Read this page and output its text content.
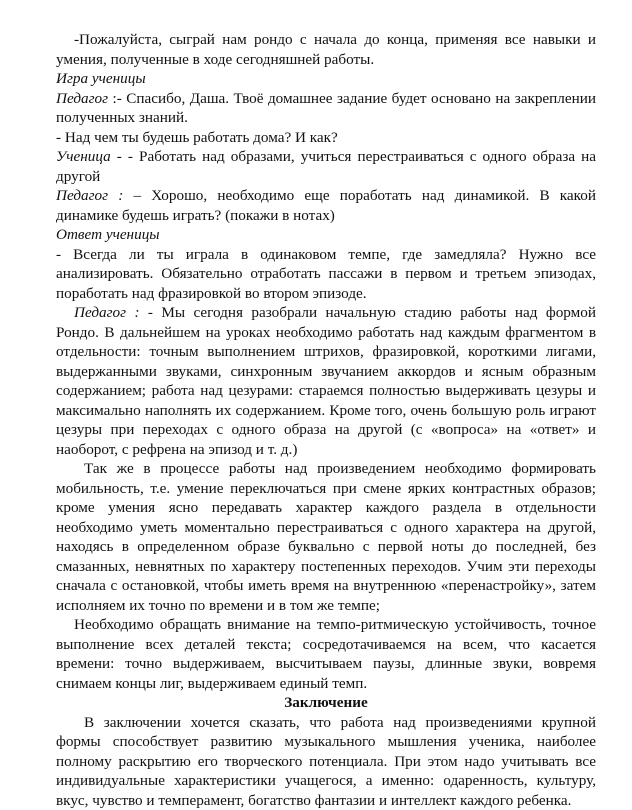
-Пожалуйста, сыграй нам рондо с начала до конца, применяя все навыки и умения, полученные в ходе сегодняшней работы.

Игра ученицы

Педагог :- Спасибо, Даша. Твоё домашнее задание будет основано на закреплении полученных знаний.

- Над чем ты будешь работать дома? И как?

Ученица - - Работать над образами, учиться перестраиваться с одного образа на другой

Педагог : – Хорошо, необходимо еще поработать над динамикой. В какой динамике будешь играть? (покажи в нотах)

Ответ ученицы

- Всегда ли ты играла в одинаковом темпе, где замедляла? Нужно все анализировать. Обязательно отработать пассажи в первом и третьем эпизодах, поработать над фразировкой во втором эпизоде.

Педагог : - Мы сегодня разобрали начальную стадию работы над формой Рондо. В дальнейшем на уроках необходимо работать над каждым фрагментом в отдельности: точным выполнением штрихов, фразировкой, короткими лигами, выдержанными звуками, синхронным звучанием аккордов и ясным образным содержанием; работа над цезурами: стараемся полностью выдерживать цезуры и максимально наполнять их содержанием. Кроме того, очень большую роль играют цезуры при переходах с одного образа на другой (с «вопроса» на «ответ» и наоборот, с рефрена на эпизод и т. д.)

Так же в процессе работы над произведением необходимо формировать мобильность, т.е. умение переключаться при смене ярких контрастных образов; кроме умения ясно передавать характер каждого раздела в отдельности необходимо уметь моментально перестраиваться с одного характера на другой, находясь в определенном образе буквально с первой ноты до последней, без смазанных, невнятных по характеру постепенных переходов. Учим эти переходы сначала с остановкой, чтобы иметь время на внутреннюю «перенастройку», затем исполняем их точно по времени и в том же темпе;

Необходимо обращать внимание на темпо-ритмическую устойчивость, точное выполнение всех деталей текста; сосредотачиваемся на всем, что касается времени: точно выдерживаем, высчитываем паузы, длинные звуки, вовремя снимаем концы лиг, выдерживаем единый темп.

Заключение

В заключении хочется сказать, что работа над произведениями крупной формы способствует развитию музыкального мышления ученика, наиболее полному раскрытию его творческого потенциала. При этом надо учитывать все индивидуальные характеристики учащегося, а именно: одаренность, культуру, вкус, чувство и темперамент, богатство фантазии и интеллект каждого ребенка.
